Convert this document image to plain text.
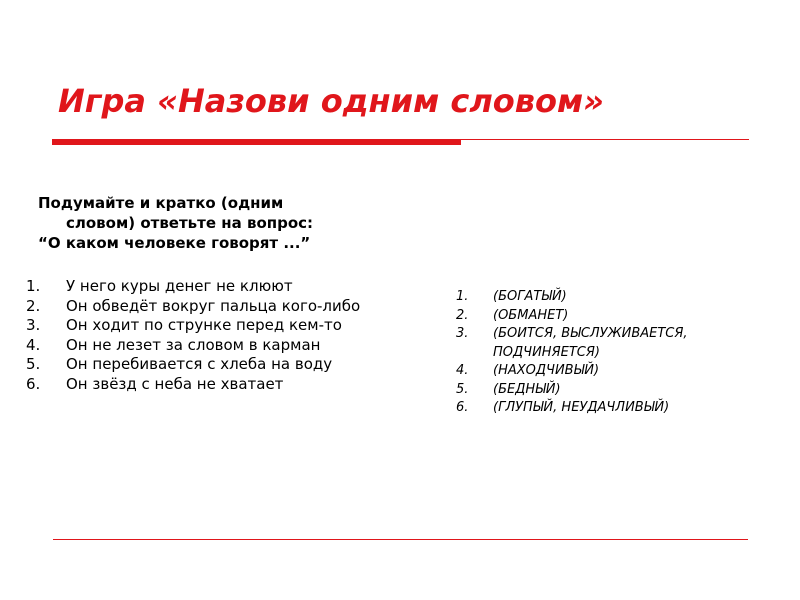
Игра «Назови одним словом»
Подумайте и кратко (одним
словом) ответьте на вопрос:
“О каком человеке говорят ...”
1.	У него куры денег не клюют
2.	Он обведёт вокруг пальца кого-либо
3.	Он ходит по струнке перед кем-то
4.	Он не лезет за словом в карман
5.	Он перебивается с хлеба на воду
6.	Он звёзд с неба не хватает
1.	(БОГАТЫЙ)
2.	(ОБМАНЕТ)
3.	(БОИТСЯ, ВЫСЛУЖИВАЕТСЯ, ПОДЧИНЯЕТСЯ)
4.	(НАХОДЧИВЫЙ)
5.	(БЕДНЫЙ)
6.	(ГЛУПЫЙ, НЕУДАЧЛИВЫЙ)
